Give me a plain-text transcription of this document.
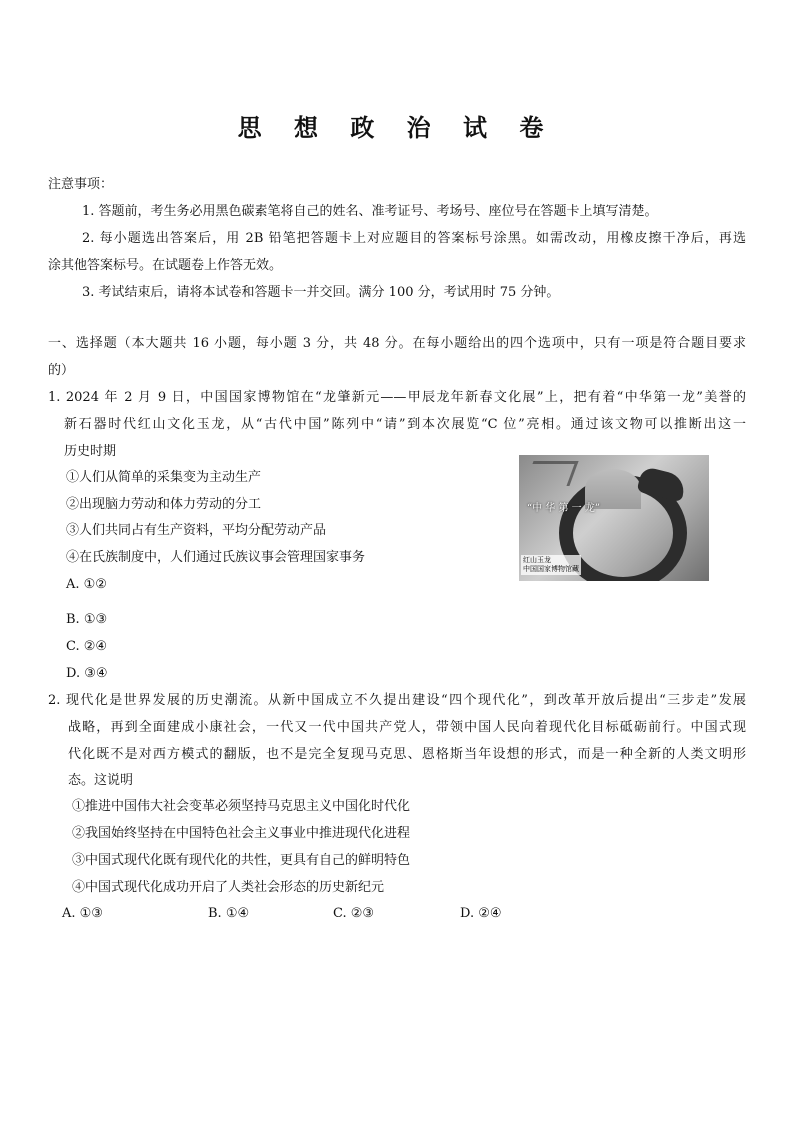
思 想 政 治 试 卷
注意事项：
1. 答题前，考生务必用黑色碳素笔将自己的姓名、准考证号、考场号、座位号在答题卡上填写清楚。
2. 每小题选出答案后，用 2B 铅笔把答题卡上对应题目的答案标号涂黑。如需改动，用橡皮擦干净后，再选
涂其他答案标号。在试题卷上作答无效。
3. 考试结束后，请将本试卷和答题卡一并交回。满分 100 分，考试用时 75 分钟。
一、选择题（本大题共 16 小题，每小题 3 分，共 48 分。在每小题给出的四个选项中，只有一项是符合题目要求
的）
1. 2024 年 2 月 9 日，中国国家博物馆在“龙肇新元——甲辰龙年新春文化展”上，把有着“中华第一龙”美誉的
新石器时代红山文化玉龙，从“古代中国”陈列中“请”到本次展览“C 位”亮相。通过该文物可以推断出这一
历史时期
①人们从简单的采集变为主动生产
②出现脑力劳动和体力劳动的分工
③人们共同占有生产资料，平均分配劳动产品
④在氏族制度中，人们通过氏族议事会管理国家事务
A. ①②
B. ①③
C. ②④
D. ③④
“中 华 第 一 龙”
红山玉龙
中国国家博物馆藏
2. 现代化是世界发展的历史潮流。从新中国成立不久提出建设“四个现代化”，到改革开放后提出“三步走”发展
战略，再到全面建成小康社会，一代又一代中国共产党人，带领中国人民向着现代化目标砥砺前行。中国式现
代化既不是对西方模式的翻版，也不是完全复现马克思、恩格斯当年设想的形式，而是一种全新的人类文明形
态。这说明
①推进中国伟大社会变革必须坚持马克思主义中国化时代化
②我国始终坚持在中国特色社会主义事业中推进现代化进程
③中国式现代化既有现代化的共性，更具有自己的鲜明特色
④中国式现代化成功开启了人类社会形态的历史新纪元
A. ①③	B. ①④	C. ②③	D. ②④
